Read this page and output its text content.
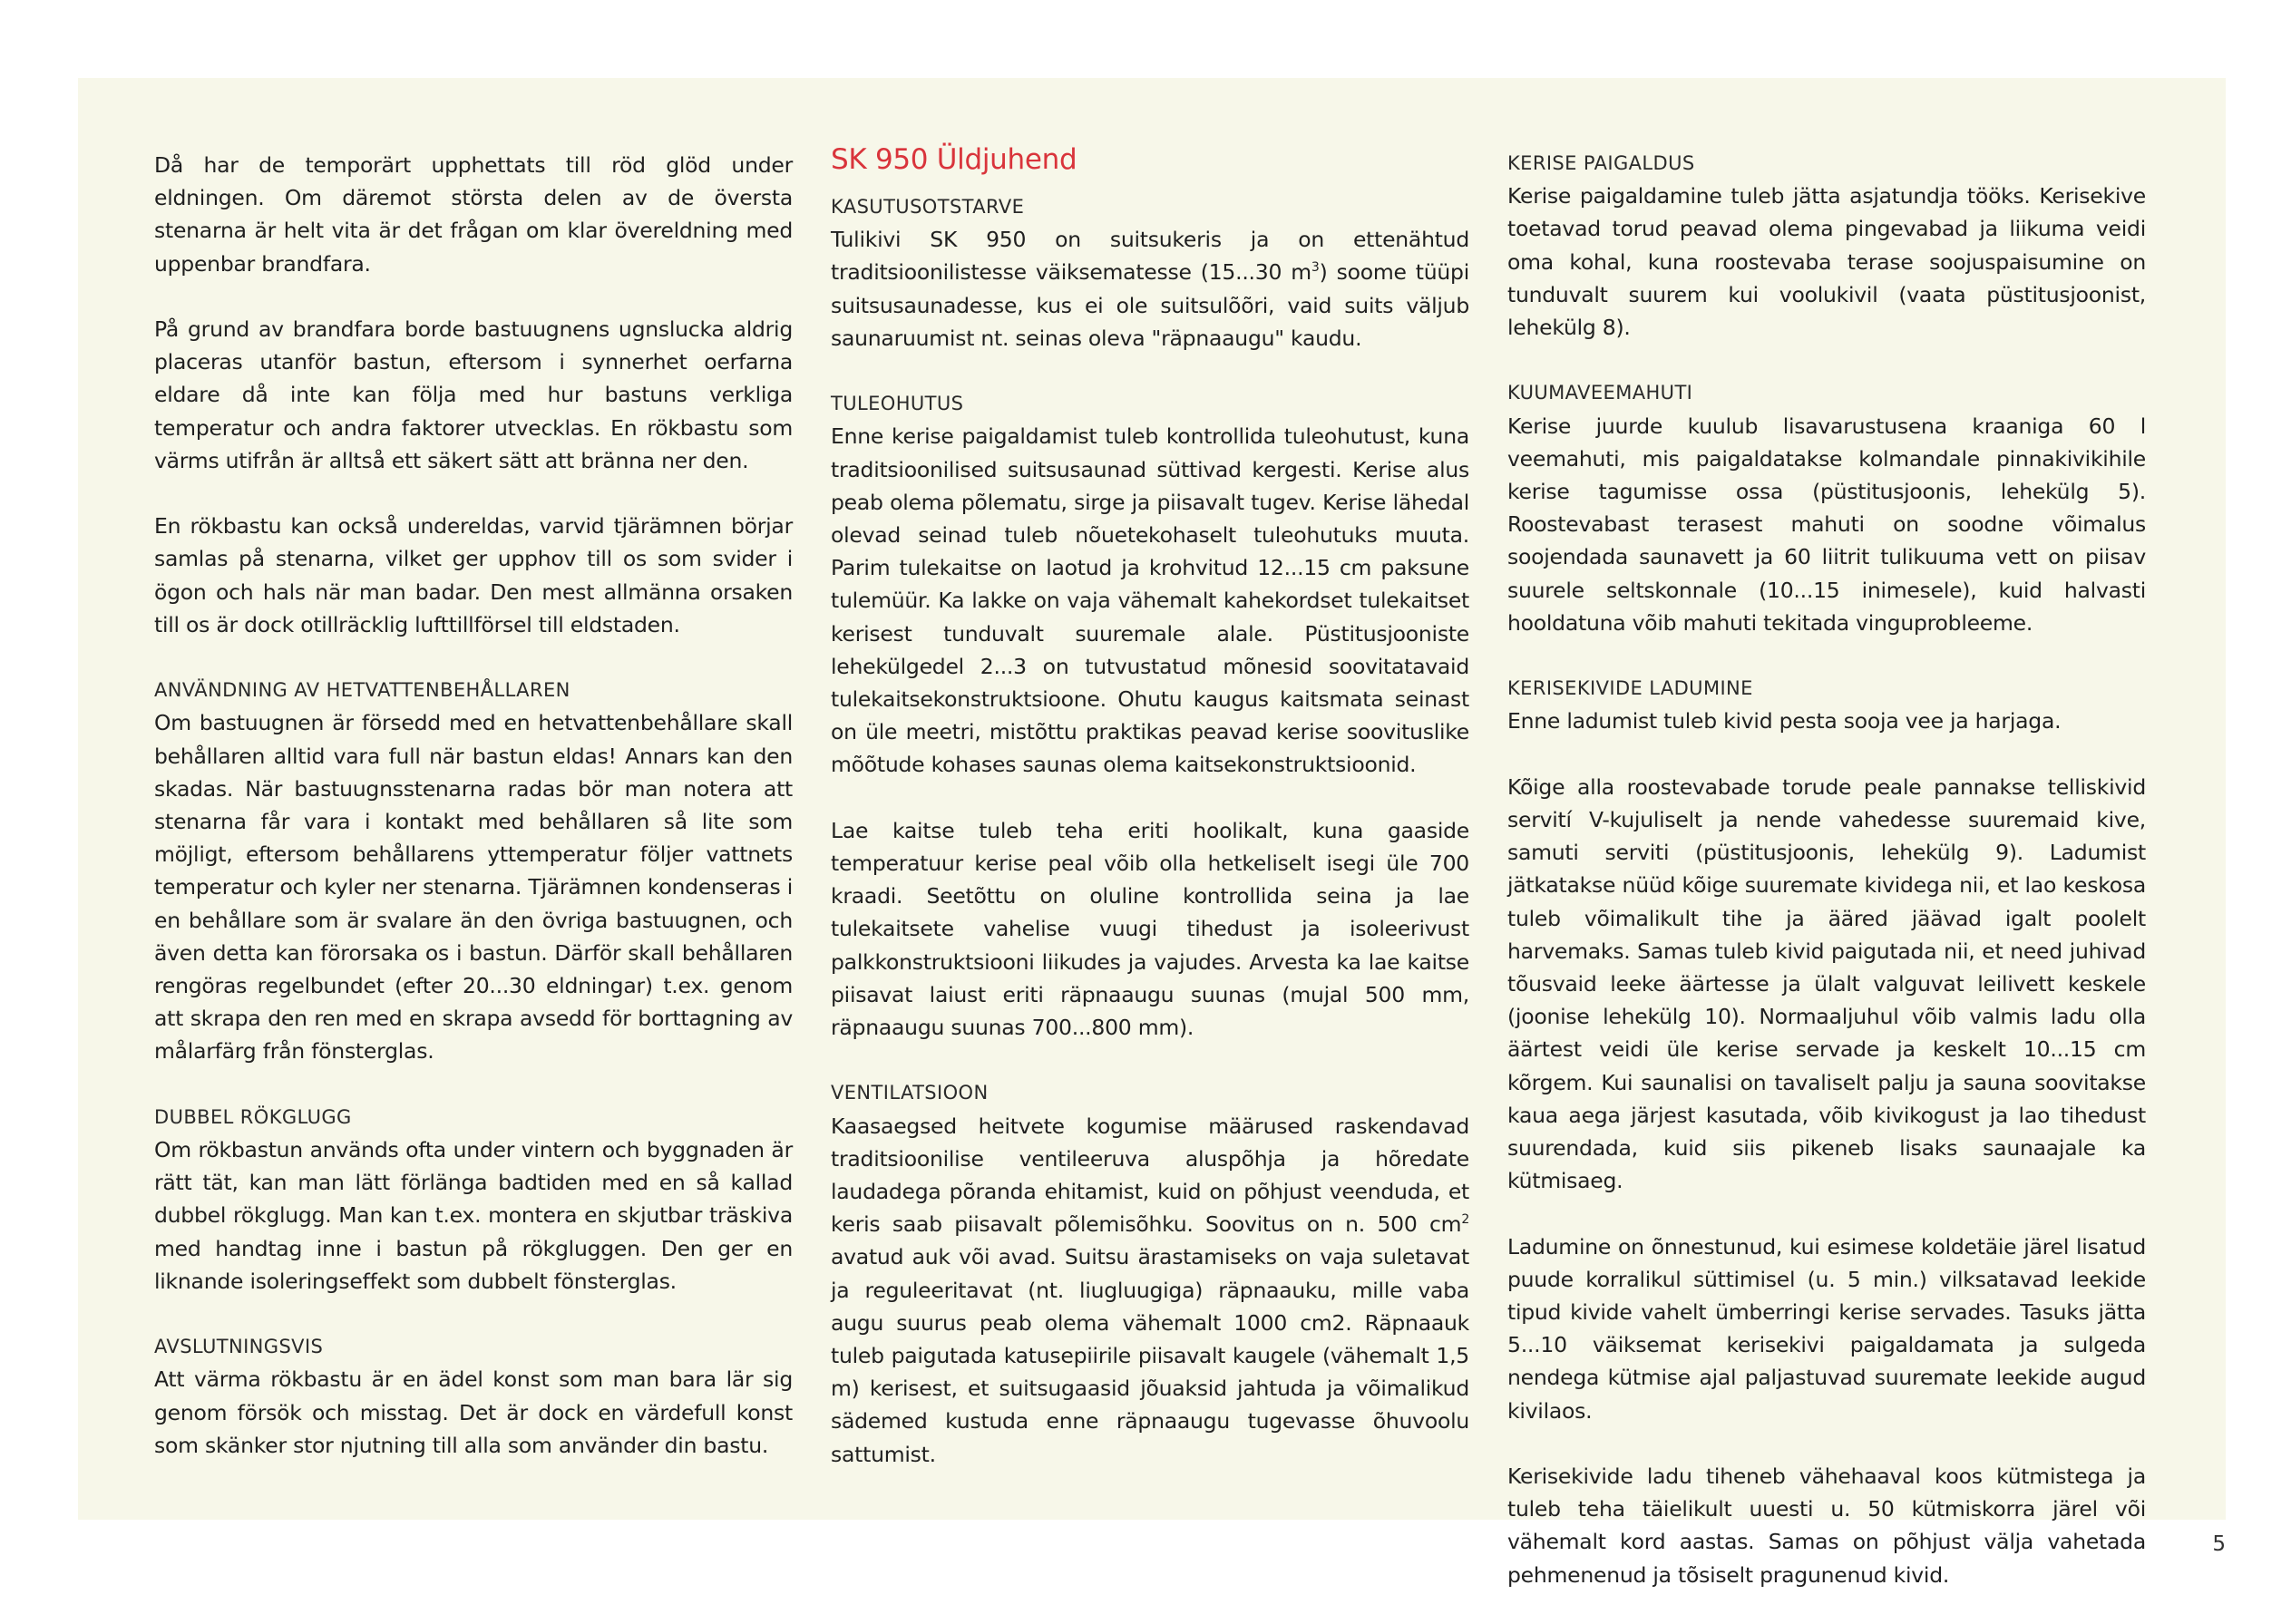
Då har de temporärt upphettats till röd glöd under eldningen. Om däremot största delen av de översta stenarna är helt vita är det frågan om klar övereldning med uppenbar brandfara.

På grund av brandfara borde bastuugnens ugnslucka aldrig placeras utanför bastun, eftersom i synnerhet oerfarna eldare då inte kan följa med hur bastuns verkliga temperatur och andra faktorer utvecklas. En rökbastu som värms utifrån är alltså ett säkert sätt att bränna ner den.

En rökbastu kan också undereldas, varvid tjärämnen börjar samlas på stenarna, vilket ger upphov till os som svider i ögon och hals när man badar. Den mest allmänna orsaken till os är dock otillräcklig lufttillförsel till eldstaden.

ANVÄNDNING AV HETVATTENBEHÅLLAREN

Om bastuugnen är försedd med en hetvattenbehållare skall behållaren alltid vara full när bastun eldas! Annars kan den skadas. När bastuugnsstenarna radas bör man notera att stenarna får vara i kontakt med behållaren så lite som möjligt, eftersom behållarens yttemperatur följer vattnets temperatur och kyler ner stenarna. Tjärämnen kondenseras i en behållare som är svalare än den övriga bastuugnen, och även detta kan förorsaka os i bastun. Därför skall behållaren rengöras regelbundet (efter 20...30 eldningar) t.ex. genom att skrapa den ren med en skrapa avsedd för borttagning av målarfärg från fönsterglas.

DUBBEL RÖKGLUGG

Om rökbastun används ofta under vintern och byggnaden är rätt tät, kan man lätt förlänga badtiden med en så kallad dubbel rökglugg. Man kan t.ex. montera en skjutbar träskiva med handtag inne i bastun på rökgluggen. Den ger en liknande isoleringseffekt som dubbelt fönsterglas.

AVSLUTNINGSVIS

Att värma rökbastu är en ädel konst som man bara lär sig genom försök och misstag. Det är dock en värdefull konst som skänker stor njutning till alla som använder din bastu.

SK 950 Üldjuhend
KASUTUSOTSTARVE

Tulikivi SK 950 on suitsukeris ja on ettenähtud traditsioonilistesse väiksematesse (15...30 $m^3$) soome tüüpi suitsusaunadesse, kus ei ole suitsulõõri, vaid suits väljub saunaruumist nt. seinas oleva "räpnaaugu" kaudu.

TULEOHUTUS

Enne kerise paigaldamist tuleb kontrollida tuleohutust, kuna traditsioonilised suitsusaunad süttivad kergesti. Kerise alus peab olema põlematu, sirge ja piisavalt tugev. Kerise lähedal olevad seinad tuleb nõuetekohaselt tuleohutuks muuta. Parim tulekaitse on laotud ja krohvitud 12...15 cm paksune tulemüür. Ka lakke on vaja vähemalt kahekordset tulekaitset kerisest tunduvalt suuremale alale. Püstitusjooniste lehekülgedel 2...3 on tutvustatud mõnesid soovitatavaid tulekaitsekonstruktsioone. Ohutu kaugus kaitsmata seinast on üle meetri, mistõttu praktikas peavad kerise soovituslike mõõtude kohases saunas olema kaitsekonstruktsioonid.

Lae kaitse tuleb teha eriti hoolikalt, kuna gaaside temperatuur kerise peal võib olla hetkeliselt isegi üle 700 kraadi. Seetõttu on oluline kontrollida seina ja lae tulekaitsete vahelise vuugi tihedust ja isoleerivust palkkonstruktsiooni liikudes ja vajudes. Arvesta ka lae kaitse piisavat laiust eriti räpnaaugu suunas (mujal 500 mm, räpnaaugu suunas 700...800 mm).

VENTILATSIOON

Kaasaegsed heitvete kogumise määrused raskendavad traditsioonilise ventileeruva aluspõhja ja hõredate laudadega põranda ehitamist, kuid on põhjust veenduda, et keris saab piisavalt põlemisõhku. Soovitus on n. 500 $cm^2$ avatud auk või avad. Suitsu ärastamiseks on vaja suletavat ja reguleeritavat (nt. liugluugiga) räpnaauku, mille vaba augu suurus peab olema vähemalt 1000 cm2. Räpnaauk tuleb paigutada katusepiirile piisavalt kaugele (vähemalt 1,5 m) kerisest, et suitsugaasid jõuaksid jahtuda ja võimalikud sädemed kustuda enne räpnaaugu tugevasse õhuvoolu sattumist.

KERISE PAIGALDUS

Kerise paigaldamine tuleb jätta asjatundja tööks. Kerisekive toetavad torud peavad olema pingevabad ja liikuma veidi oma kohal, kuna roostevaba terase soojuspaisumine on tunduvalt suurem kui voolukivil (vaata püstitusjoonist, lehekülg 8).

KUUMAVEEMAHUTI

Kerise juurde kuulub lisavarustusena kraaniga 60 l veemahuti, mis paigaldatakse kolmandale pinnakivikihile kerise tagumisse ossa (püstitusjoonis, lehekülg 5). Roostevabast terasest mahuti on soodne võimalus soojendada saunavett ja 60 liitrit tulikuuma vett on piisav suurele seltskonnale (10...15 inimesele), kuid halvasti hooldatuna võib mahuti tekitada vinguprobleeme.

KERISEKIVIDE LADUMINE

Enne ladumist tuleb kivid pesta sooja vee ja harjaga.

Kõige alla roostevabade torude peale pannakse telliskivid servití V-kujuliselt ja nende vahedesse suuremaid kive, samuti serviti (püstitusjoonis, lehekülg 9). Ladumist jätkatakse nüüd kõige suuremate kividega nii, et lao keskosa tuleb võimalikult tihe ja ääred jäävad igalt poolelt harvemaks. Samas tuleb kivid paigutada nii, et need juhivad tõusvaid leeke äärtesse ja ülalt valguvat leilivett keskele (joonise lehekülg 10). Normaaljuhul võib valmis ladu olla äärtest veidi üle kerise servade ja keskelt 10...15 cm kõrgem. Kui saunalisi on tavaliselt palju ja sauna soovitakse kaua aega järjest kasutada, võib kivikogust ja lao tihedust suurendada, kuid siis pikeneb lisaks saunaajale ka kütmisaeg.

Ladumine on õnnestunud, kui esimese koldetäie järel lisatud puude korralikul süttimisel (u. 5 min.) vilksatavad leekide tipud kivide vahelt ümberringi kerise servades. Tasuks jätta 5...10 väiksemat kerisekivi paigaldamata ja sulgeda nendega kütmise ajal paljastuvad suuremate leekide augud kivilaos.

Kerisekivide ladu tiheneb vähehaaval koos kütmistega ja tuleb teha täielikult uuesti u. 50 kütmiskorra järel või vähemalt kord aastas. Samas on põhjust välja vahetada pehmenenud ja tõsiselt pragunenud kivid.

5
